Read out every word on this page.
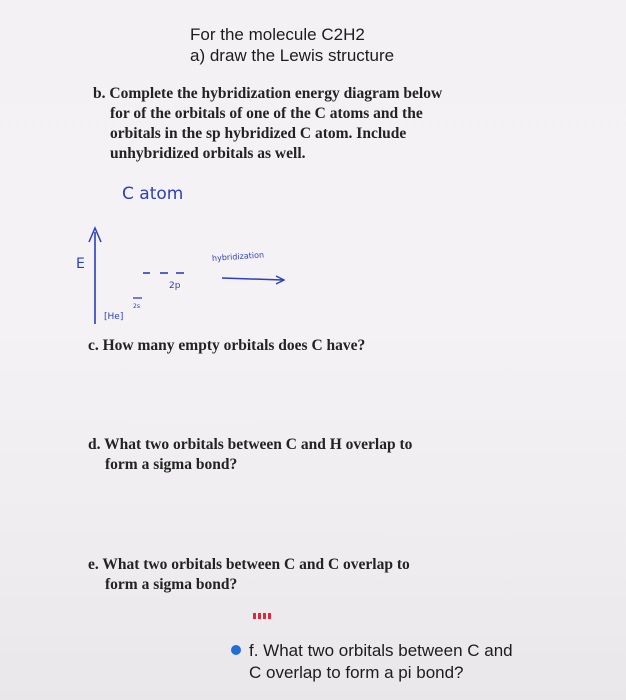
For the molecule C2H2
a) draw the Lewis structure
b. Complete the hybridization energy diagram below
for of the orbitals of one of the C atoms and the
orbitals in the sp hybridized C atom. Include
unhybridized orbitals as well.
C atom
E	hybridization
2p
2s
[He]
c. How many empty orbitals does C have?
d. What two orbitals between C and H overlap to
form a sigma bond?
e. What two orbitals between C and C overlap to
form a sigma bond?
f. What two orbitals between C and
C overlap to form a pi bond?
